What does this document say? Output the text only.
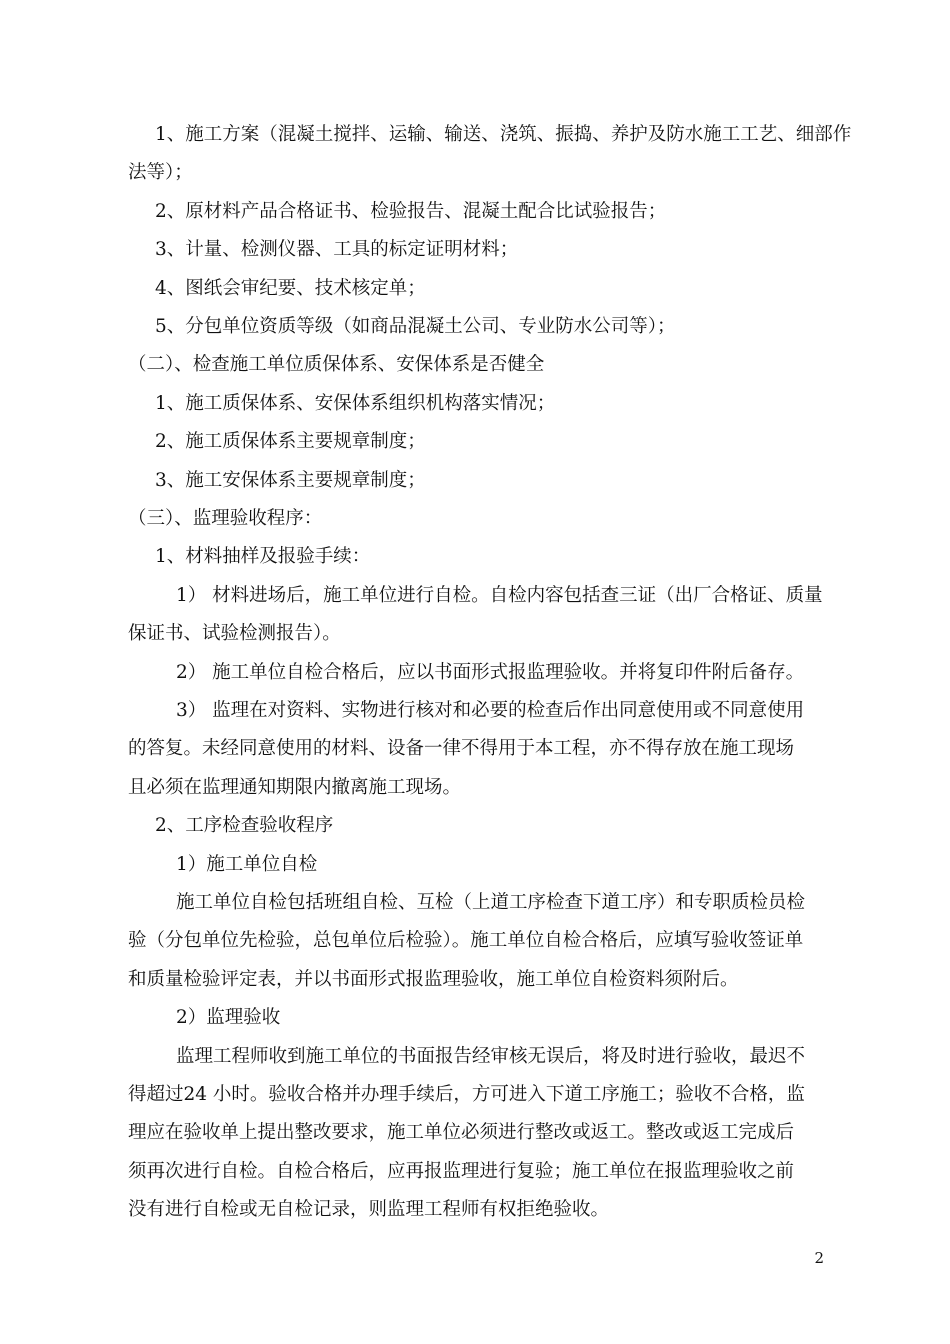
1、施工方案（混凝土搅拌、运输、输送、浇筑、振捣、养护及防水施工工艺、细部作
法等）；
2、原材料产品合格证书、检验报告、混凝土配合比试验报告；
3、计量、检测仪器、工具的标定证明材料；
4、图纸会审纪要、技术核定单；
5、分包单位资质等级（如商品混凝土公司、专业防水公司等）；
（二）、检查施工单位质保体系、安保体系是否健全
1、施工质保体系、安保体系组织机构落实情况；
2、施工质保体系主要规章制度；
3、施工安保体系主要规章制度；
（三）、监理验收程序：
1、材料抽样及报验手续：
1） 材料进场后，施工单位进行自检。自检内容包括查三证（出厂合格证、质量
保证书、试验检测报告）。
2） 施工单位自检合格后，应以书面形式报监理验收。并将复印件附后备存。
3） 监理在对资料、实物进行核对和必要的检查后作出同意使用或不同意使用
的答复。未经同意使用的材料、设备一律不得用于本工程，亦不得存放在施工现场
且必须在监理通知期限内撤离施工现场。
2、工序检查验收程序
1）施工单位自检
施工单位自检包括班组自检、互检（上道工序检查下道工序）和专职质检员检
验（分包单位先检验，总包单位后检验）。施工单位自检合格后，应填写验收签证单
和质量检验评定表，并以书面形式报监理验收，施工单位自检资料须附后。
2）监理验收
监理工程师收到施工单位的书面报告经审核无误后，将及时进行验收，最迟不
得超过24 小时。验收合格并办理手续后，方可进入下道工序施工；验收不合格，监
理应在验收单上提出整改要求，施工单位必须进行整改或返工。整改或返工完成后
须再次进行自检。自检合格后，应再报监理进行复验；施工单位在报监理验收之前
没有进行自检或无自检记录，则监理工程师有权拒绝验收。
2
